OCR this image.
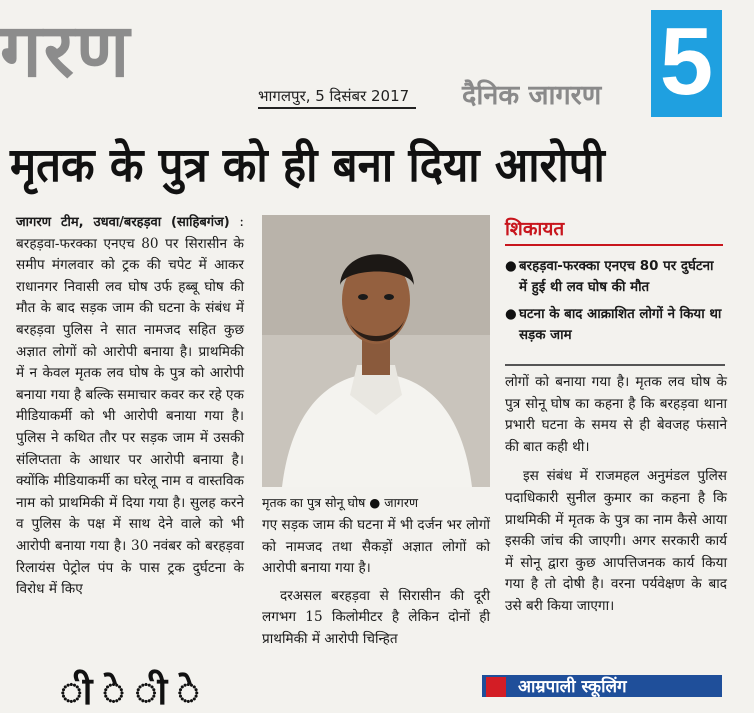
गरण
भागलपुर, 5 दिसंबर 2017 दैनिक जागरण 5
मृतक के पुत्र को ही बना दिया आरोपी
जागरण टीम, उधवा/बरहड़वा (साहिबगंज) : बरहड़वा-फरक्का एनएच 80 पर सिरासीन के समीप मंगलवार को ट्रक की चपेट में आकर राधानगर निवासी लव घोष उर्फ हब्बू घोष की मौत के बाद सड़क जाम की घटना के संबंध में बरहड़वा पुलिस ने सात नामजद सहित कुछ अज्ञात लोगों को आरोपी बनाया है। प्राथमिकी में न केवल मृतक लव घोष के पुत्र को आरोपी बनाया गया है बल्कि समाचार कवर कर रहे एक मीडियाकर्मी को भी आरोपी बनाया गया है। पुलिस ने कथित तौर पर सड़क जाम में उसकी संलिप्तता के आधार पर आरोपी बनाया है। क्योंकि मीडियाकर्मी का घरेलू नाम व वास्तविक नाम को प्राथमिकी में दिया गया है। सुलह करने व पुलिस के पक्ष में साथ देने वाले को भी आरोपी बनाया गया है। 30 नवंबर को बरहड़वा रिलायंस पेट्रोल पंप के पास ट्रक दुर्घटना के विरोध में किए
मृतक का पुत्र सोनू घोष ● जागरण

गए सड़क जाम की घटना में भी दर्जन भर लोगों को नामजद तथा सैकड़ों अज्ञात लोगों को आरोपी बनाया गया है।

दरअसल बरहड़वा से सिरासीन की दूरी लगभग 15 किलोमीटर है लेकिन दोनों ही प्राथमिकी में आरोपी चिन्हित

शिकायत
● बरहड़वा-फरक्का एनएच 80 पर दुर्घटना में हुई थी लव घोष की मौत
● घटना के बाद आक्राशित लोगों ने किया था सड़क जाम

लोगों को बनाया गया है। मृतक लव घोष के पुत्र सोनू घोष का कहना है कि बरहड़वा थाना प्रभारी घटना के समय से ही बेवजह फंसाने की बात कही थी।

इस संबंध में राजमहल अनुमंडल पुलिस पदाधिकारी सुनील कुमार का कहना है कि प्राथमिकी में मृतक के पुत्र का नाम कैसे आया इसकी जांच की जाएगी। अगर सरकारी कार्य में सोनू द्वारा कुछ आपत्तिजनक कार्य किया गया है तो दोषी है। वरना पर्यवेक्षण के बाद उसे बरी किया जाएगा।

ी े ी े	आम्रपाली स्कूलिंग
